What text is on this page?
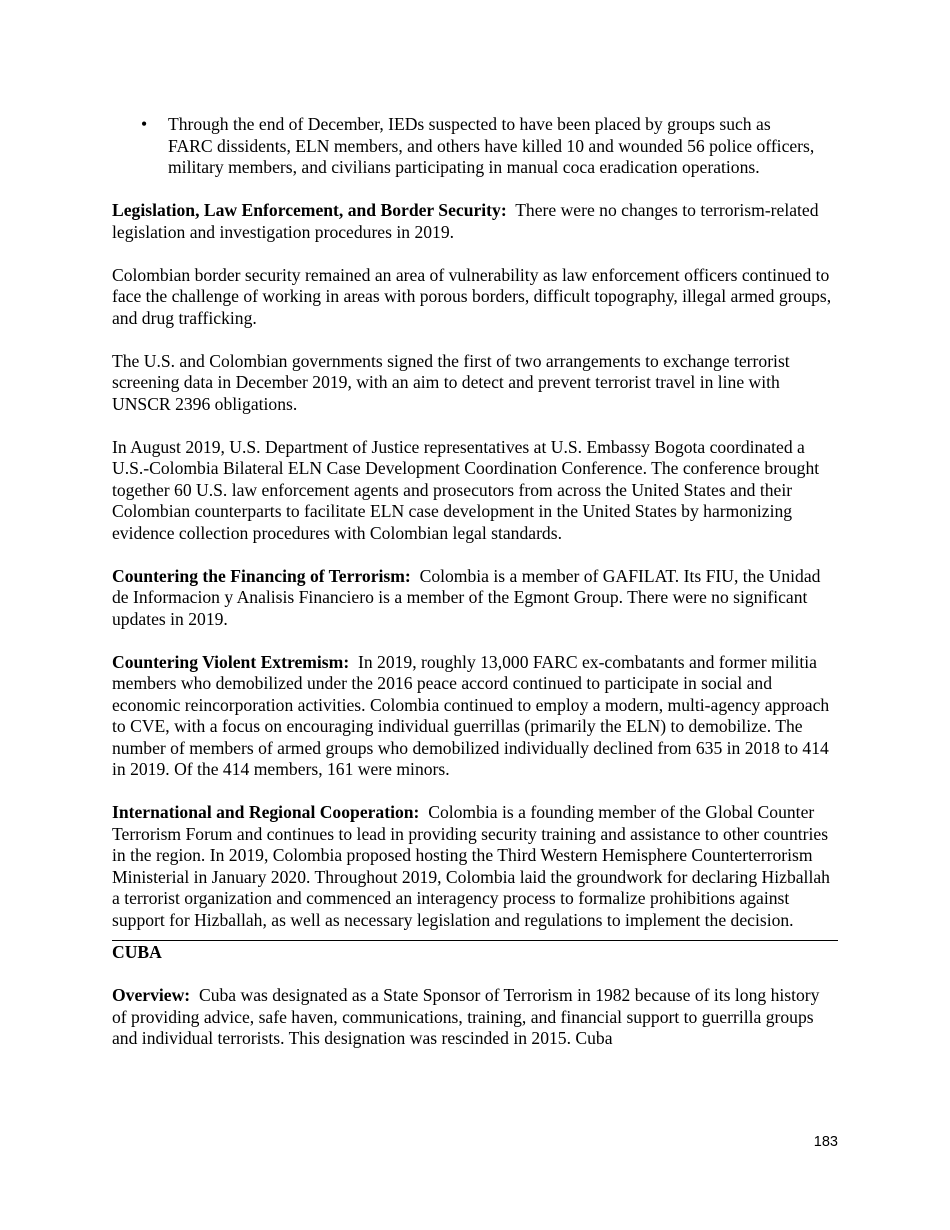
• Through the end of December, IEDs suspected to have been placed by groups such as FARC dissidents, ELN members, and others have killed 10 and wounded 56 police officers, military members, and civilians participating in manual coca eradication operations.

Legislation, Law Enforcement, and Border Security: There were no changes to terrorism-related legislation and investigation procedures in 2019.

Colombian border security remained an area of vulnerability as law enforcement officers continued to face the challenge of working in areas with porous borders, difficult topography, illegal armed groups, and drug trafficking.

The U.S. and Colombian governments signed the first of two arrangements to exchange terrorist screening data in December 2019, with an aim to detect and prevent terrorist travel in line with UNSCR 2396 obligations.

In August 2019, U.S. Department of Justice representatives at U.S. Embassy Bogota coordinated a U.S.-Colombia Bilateral ELN Case Development Coordination Conference. The conference brought together 60 U.S. law enforcement agents and prosecutors from across the United States and their Colombian counterparts to facilitate ELN case development in the United States by harmonizing evidence collection procedures with Colombian legal standards.

Countering the Financing of Terrorism: Colombia is a member of GAFILAT. Its FIU, the Unidad de Informacion y Analisis Financiero is a member of the Egmont Group. There were no significant updates in 2019.

Countering Violent Extremism: In 2019, roughly 13,000 FARC ex-combatants and former militia members who demobilized under the 2016 peace accord continued to participate in social and economic reincorporation activities. Colombia continued to employ a modern, multi-agency approach to CVE, with a focus on encouraging individual guerrillas (primarily the ELN) to demobilize. The number of members of armed groups who demobilized individually declined from 635 in 2018 to 414 in 2019. Of the 414 members, 161 were minors.

International and Regional Cooperation: Colombia is a founding member of the Global Counter Terrorism Forum and continues to lead in providing security training and assistance to other countries in the region. In 2019, Colombia proposed hosting the Third Western Hemisphere Counterterrorism Ministerial in January 2020. Throughout 2019, Colombia laid the groundwork for declaring Hizballah a terrorist organization and commenced an interagency process to formalize prohibitions against support for Hizballah, as well as necessary legislation and regulations to implement the decision.

CUBA

Overview: Cuba was designated as a State Sponsor of Terrorism in 1982 because of its long history of providing advice, safe haven, communications, training, and financial support to guerrilla groups and individual terrorists. This designation was rescinded in 2015. Cuba

183
